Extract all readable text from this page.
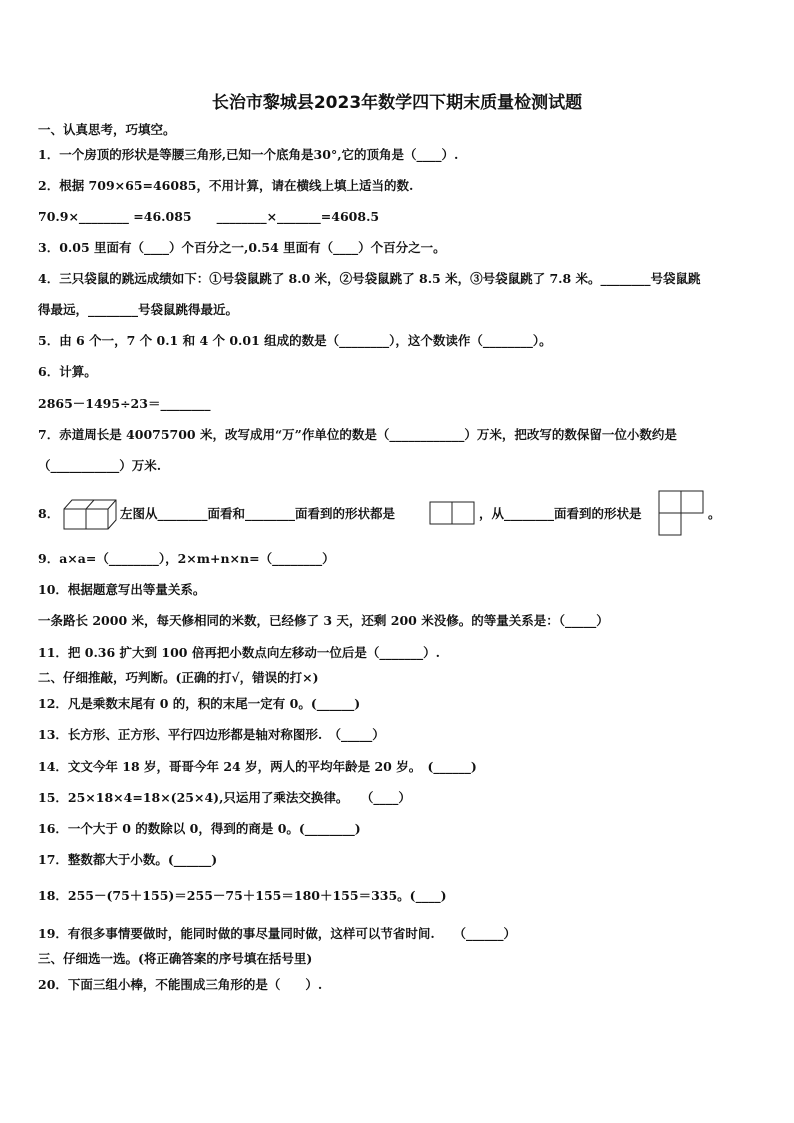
长治市黎城县2023年数学四下期末质量检测试题
一、认真思考，巧填空。
1．一个房顶的形状是等腰三角形,已知一个底角是30°,它的顶角是（____）.
2．根据 709×65=46085，不用计算，请在横线上填上适当的数.
70.9×________ =46.085　　________×_______=4608.5
3．0.05 里面有（____）个百分之一,0.54 里面有（____）个百分之一。
4．三只袋鼠的跳远成绩如下：①号袋鼠跳了 8.0 米，②号袋鼠跳了 8.5 米，③号袋鼠跳了 7.8 米。________号袋鼠跳
得最远，________号袋鼠跳得最近。
5．由 6 个一，7 个 0.1 和 4 个 0.01 组成的数是（________），这个数读作（________）。
6．计算。
2865－1495÷23＝________
7．赤道周长是 40075700 米，改写成用“万”作单位的数是（____________）万米，把改写的数保留一位小数约是
（___________）万米.
8．	左图从________面看和________面看到的形状都是	，从________面看到的形状是	。
9．a×a=（________），2×m+n×n=（________）
10．根据题意写出等量关系。
一条路长 2000 米，每天修相同的米数，已经修了 3 天，还剩 200 米没修。的等量关系是：（_____）
11．把 0.36 扩大到 100 倍再把小数点向左移动一位后是（_______）.
二、仔细推敲，巧判断。(正确的打√，错误的打×)
12．凡是乘数末尾有 0 的，积的末尾一定有 0。(______)
13．长方形、正方形、平行四边形都是轴对称图形.　（_____）
14．文文今年 18 岁，哥哥今年 24 岁，两人的平均年龄是 20 岁。　(______)
15．25×18×4=18×(25×4),只运用了乘法交换律。　　（____）
16．一个大于 0 的数除以 0，得到的商是 0。(________)
17．整数都大于小数。(______)
18．255－(75＋155)＝255－75＋155＝180＋155＝335。(____)
19．有很多事情要做时，能同时做的事尽量同时做，这样可以节省时间.　　（______）
三、仔细选一选。(将正确答案的序号填在括号里)
20．下面三组小棒，不能围成三角形的是（　　）.
